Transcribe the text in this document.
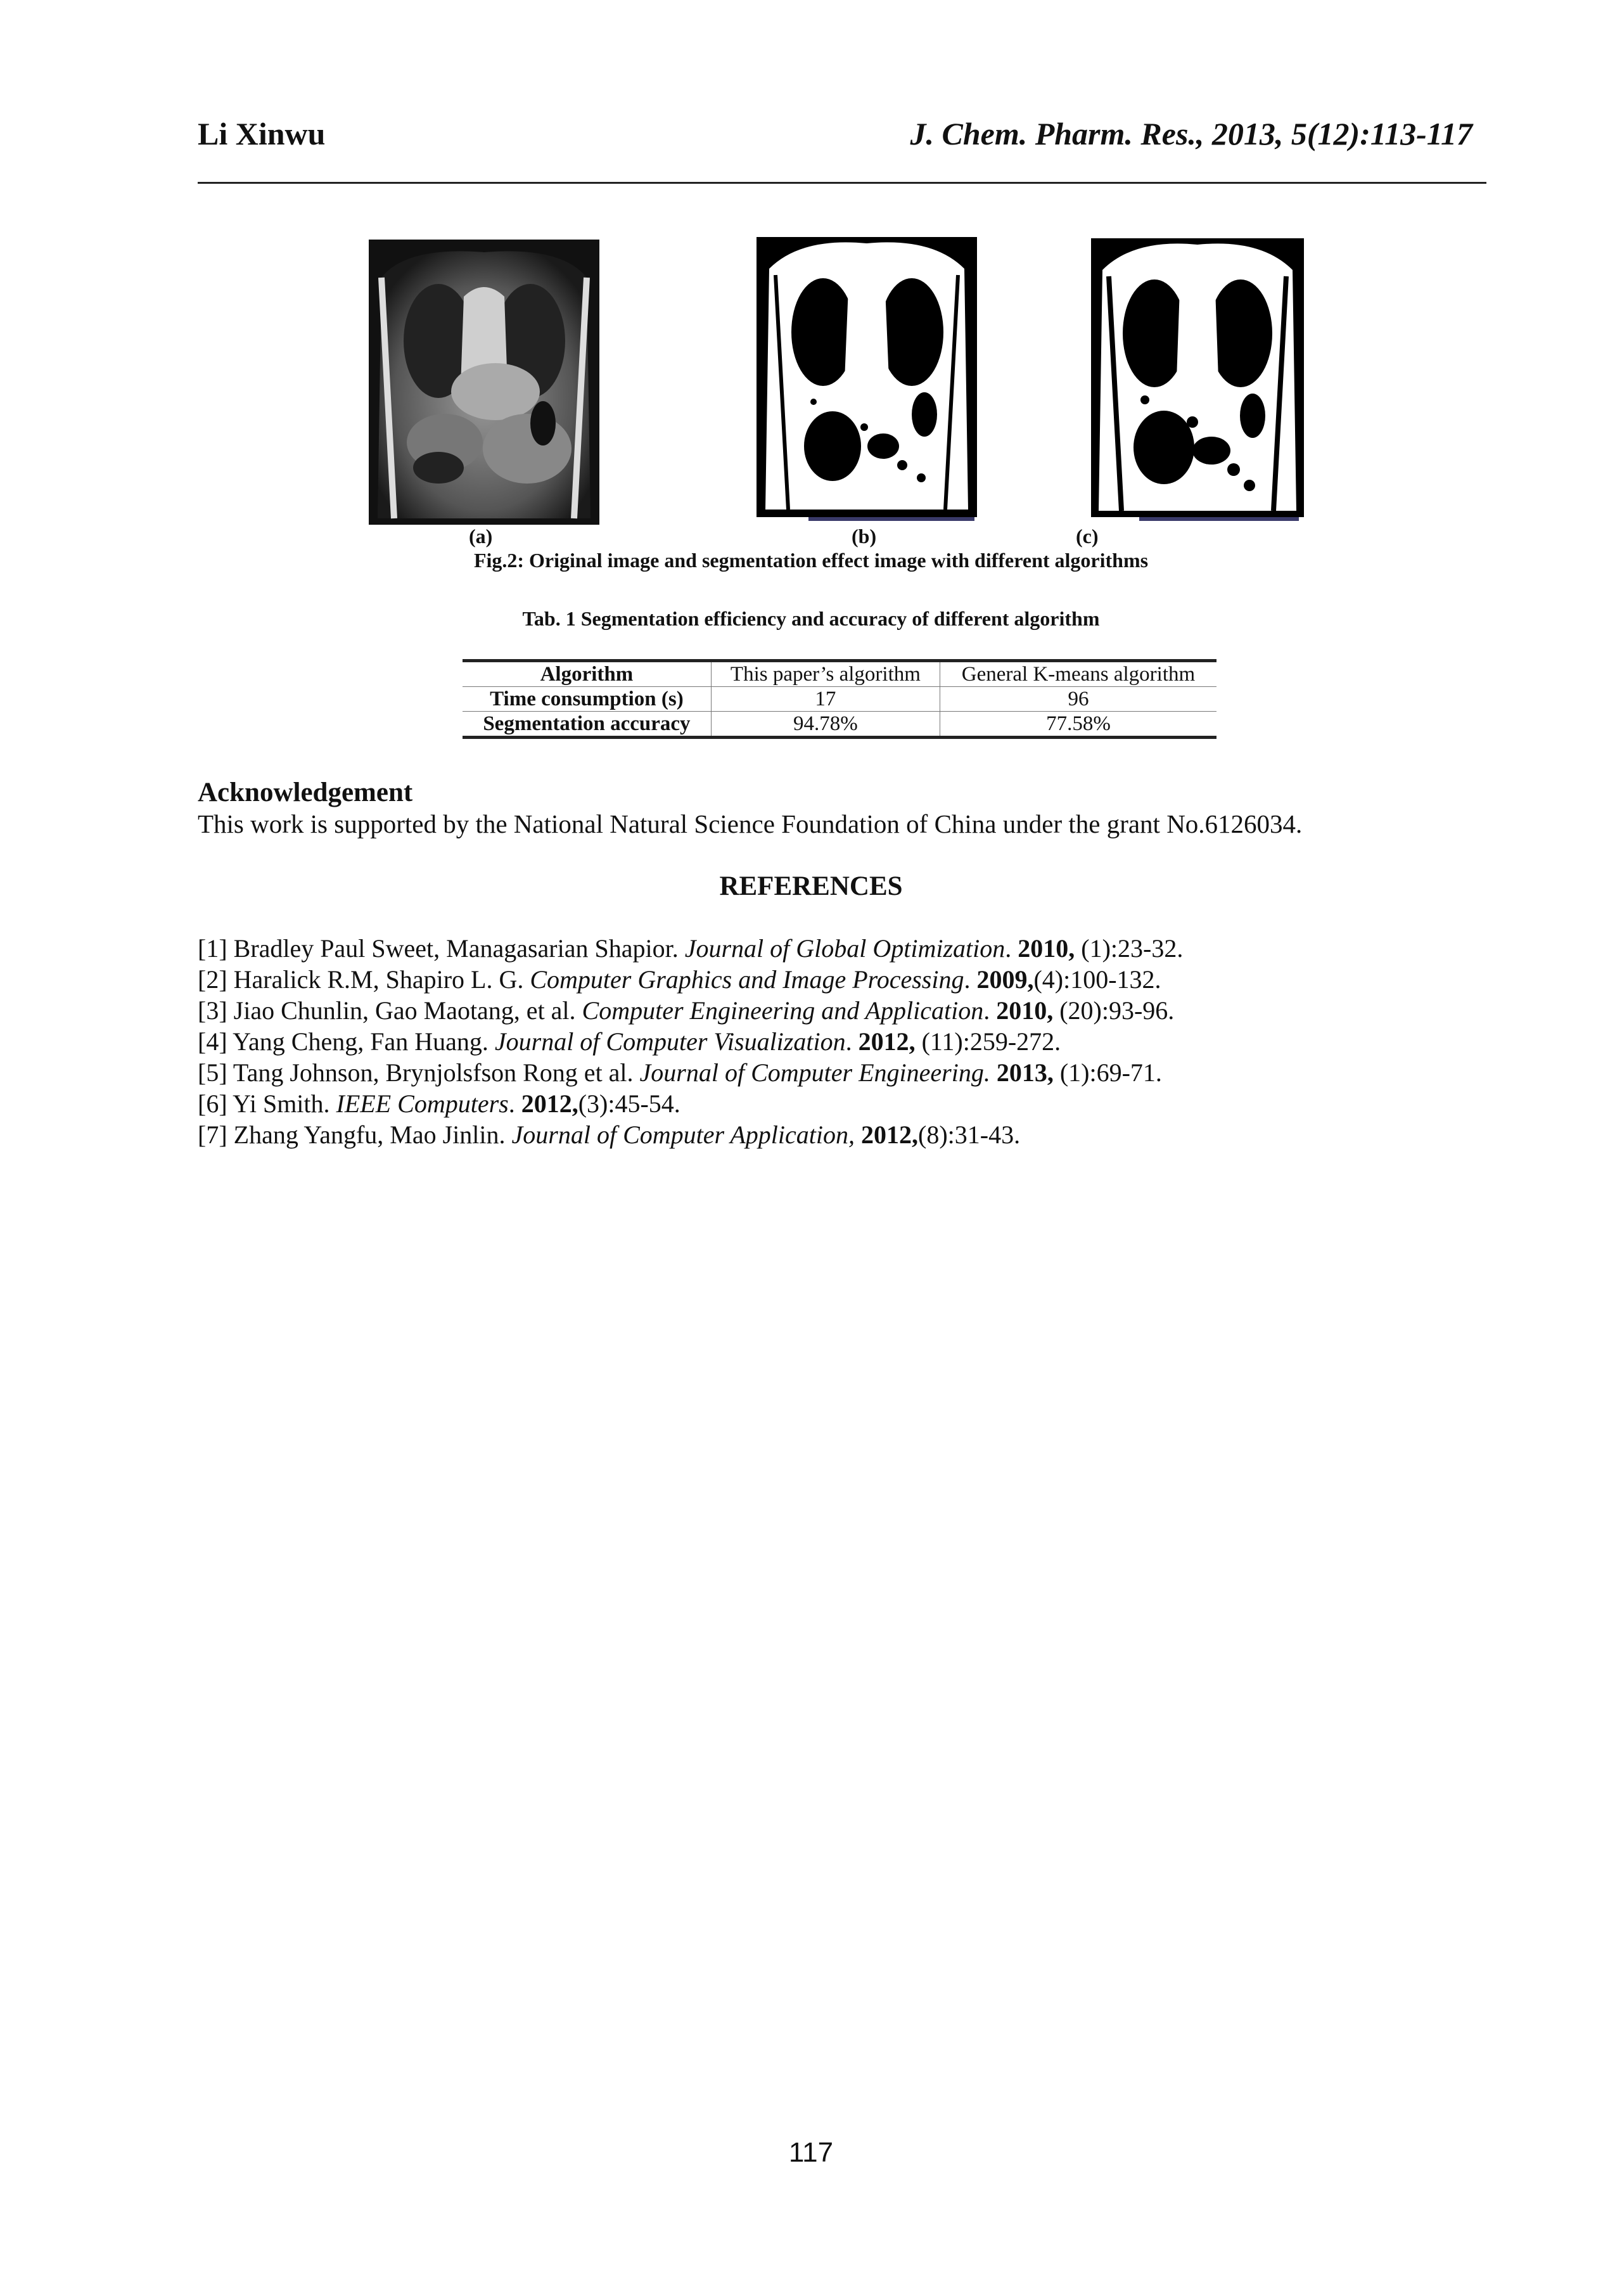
Li Xinwu	J. Chem. Pharm. Res., 2013, 5(12):113-117
(a)	(b)	(c)
Fig.2: Original image and segmentation effect image with different algorithms
Tab. 1 Segmentation efficiency and accuracy of different algorithm
Algorithm	This paper’s algorithm	General K-means algorithm
Time consumption (s)	17	96
Segmentation accuracy	94.78%	77.58%
Acknowledgement
This work is supported by the National Natural Science Foundation of China under the grant No.6126034.
REFERENCES
[1] Bradley Paul Sweet, Managasarian Shapior. Journal of Global Optimization. 2010, (1):23-32.
[2] Haralick R.M, Shapiro L. G. Computer Graphics and Image Processing. 2009,(4):100-132.
[3] Jiao Chunlin, Gao Maotang, et al. Computer Engineering and Application. 2010, (20):93-96.
[4] Yang Cheng, Fan Huang. Journal of Computer Visualization. 2012, (11):259-272.
[5] Tang Johnson, Brynjolsfson Rong et al. Journal of Computer Engineering. 2013, (1):69-71.
[6] Yi Smith. IEEE Computers. 2012,(3):45-54.
[7] Zhang Yangfu, Mao Jinlin. Journal of Computer Application, 2012,(8):31-43.
117
